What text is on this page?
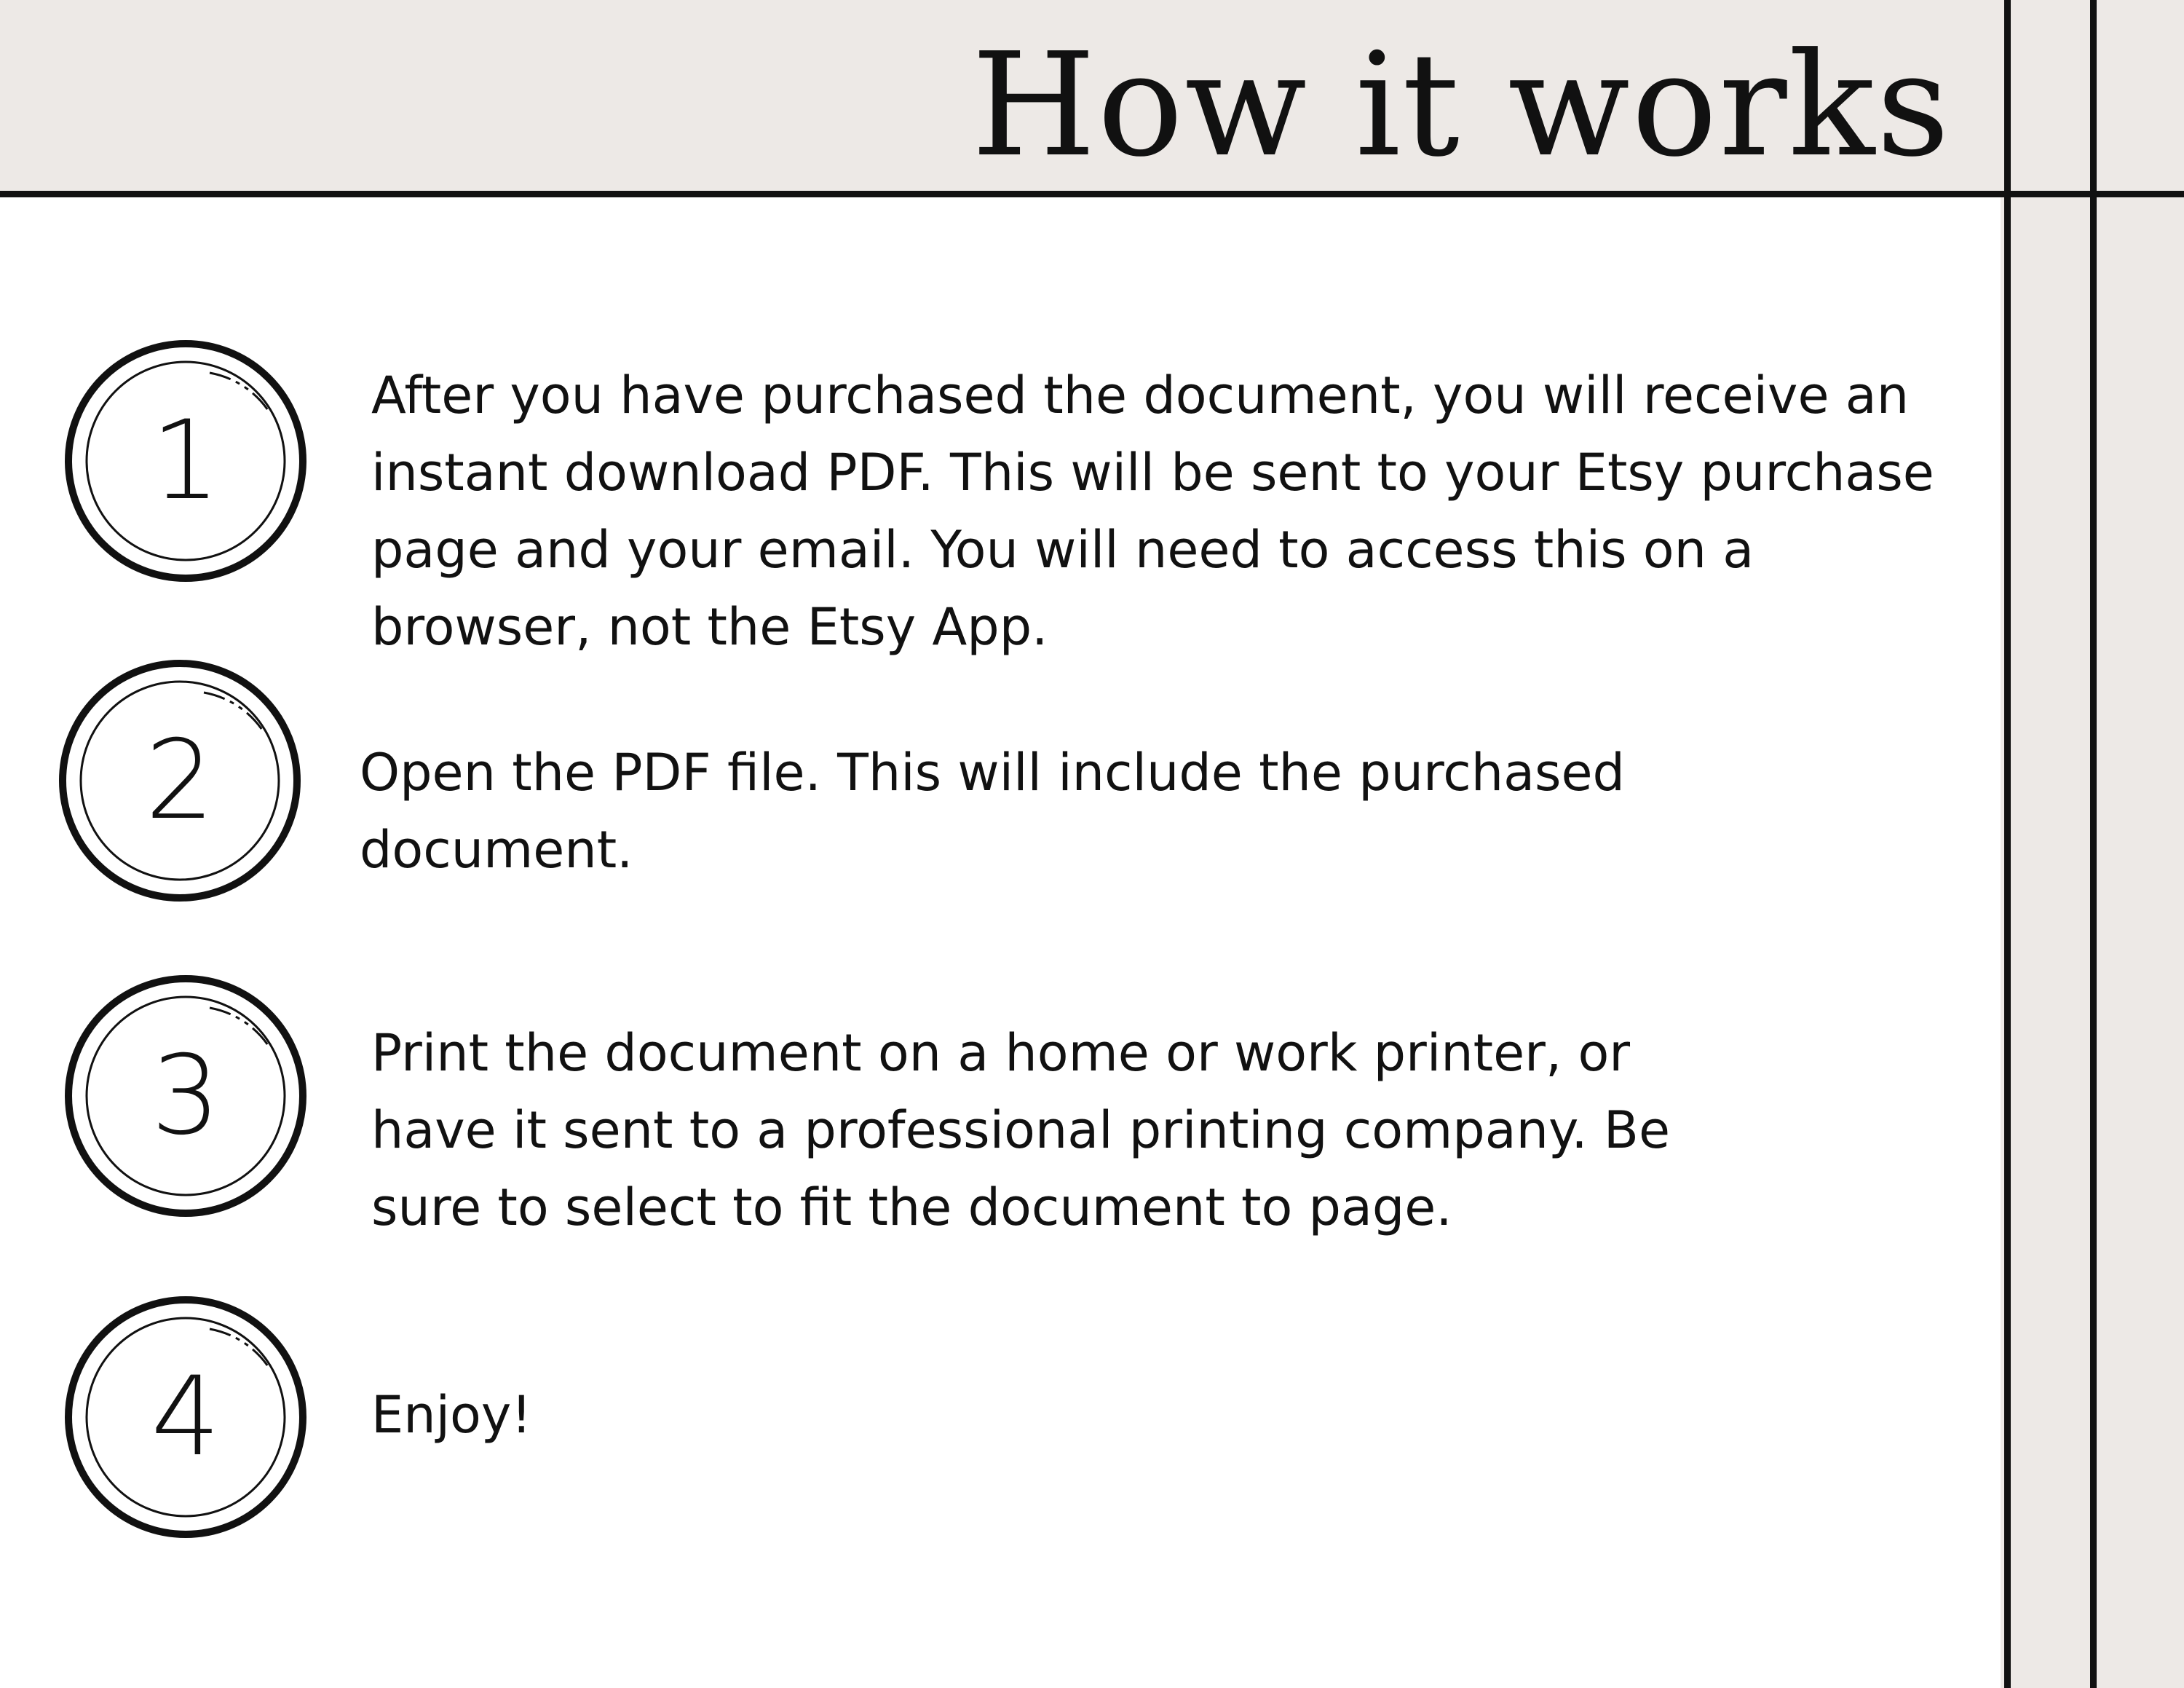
How it works
1

After you have purchased the document, you will receive an
instant download PDF. This will be sent to your Etsy purchase
page and your email. You will need to access this on a
browser, not the Etsy App.

2	Open the PDF file. This will include the purchased
document.

3	Print the document on a home or work printer, or
have it sent to a professional printing company. Be
sure to select to fit the document to page.

4	Enjoy!
